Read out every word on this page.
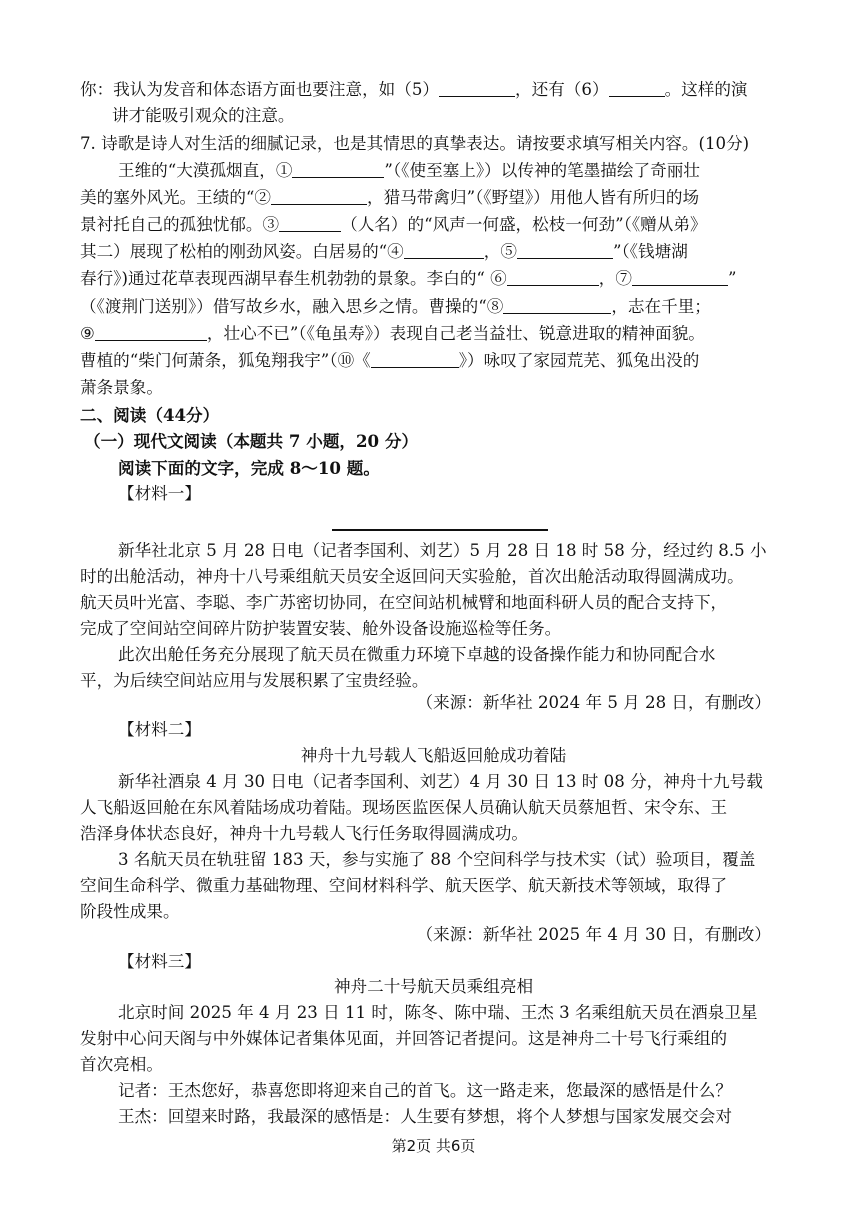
你：我认为发音和体态语方面也要注意，如（5）	，还有（6）	。这样的演
讲才能吸引观众的注意。
7. 诗歌是诗人对生活的细腻记录，也是其情思的真挚表达。请按要求填写相关内容。(10分)
王维的“大漠孤烟直，①	”（《使至塞上》）以传神的笔墨描绘了奇丽壮
美的塞外风光。王绩的“②	，猎马带禽归”（《野望》）用他人皆有所归的场
景衬托自己的孤独忧郁。③	（人名）的“风声一何盛，松枝一何劲”（《赠从弟》
其二）展现了松柏的刚劲风姿。白居易的“④	，⑤	”（《钱塘湖
春行》)通过花草表现西湖早春生机勃勃的景象。李白的“ ⑥	，⑦	”
（《渡荆门送别》）借写故乡水，融入思乡之情。曹操的“⑧	，志在千里；
⑨	，壮心不已”（《龟虽寿》）表现自己老当益壮、锐意进取的精神面貌。
曹植的“柴门何萧条，狐兔翔我宇”（⑩《	》）咏叹了家园荒芜、狐兔出没的
萧条景象。
二、阅读（44分）
（一）现代文阅读（本题共 7 小题，20 分）
阅读下面的文字，完成 8～10 题。
【材料一】
新华社北京 5 月 28 日电（记者李国利、刘艺）5 月 28 日 18 时 58 分，经过约 8.5 小
时的出舱活动，神舟十八号乘组航天员安全返回问天实验舱，首次出舱活动取得圆满成功。
航天员叶光富、李聪、李广苏密切协同，在空间站机械臂和地面科研人员的配合支持下，
完成了空间站空间碎片防护装置安装、舱外设备设施巡检等任务。
此次出舱任务充分展现了航天员在微重力环境下卓越的设备操作能力和协同配合水
平，为后续空间站应用与发展积累了宝贵经验。
（来源：新华社 2024 年 5 月 28 日，有删改）
【材料二】
神舟十九号载人飞船返回舱成功着陆
新华社酒泉 4 月 30 日电（记者李国利、刘艺）4 月 30 日 13 时 08 分，神舟十九号载
人飞船返回舱在东风着陆场成功着陆。现场医监医保人员确认航天员蔡旭哲、宋令东、王
浩泽身体状态良好，神舟十九号载人飞行任务取得圆满成功。
3 名航天员在轨驻留 183 天，参与实施了 88 个空间科学与技术实（试）验项目，覆盖
空间生命科学、微重力基础物理、空间材料科学、航天医学、航天新技术等领域，取得了
阶段性成果。
（来源：新华社 2025 年 4 月 30 日，有删改）
【材料三】
神舟二十号航天员乘组亮相
北京时间 2025 年 4 月 23 日 11 时，陈冬、陈中瑞、王杰 3 名乘组航天员在酒泉卫星
发射中心问天阁与中外媒体记者集体见面，并回答记者提问。这是神舟二十号飞行乘组的
首次亮相。
记者：王杰您好，恭喜您即将迎来自己的首飞。这一路走来，您最深的感悟是什么？
王杰：回望来时路，我最深的感悟是：人生要有梦想，将个人梦想与国家发展交会对
第2页 共6页
